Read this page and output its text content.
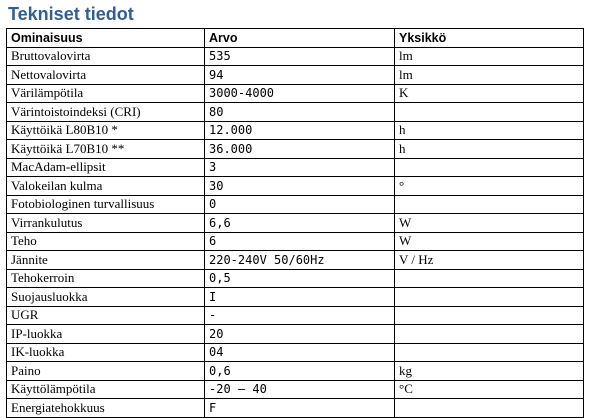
Tekniset tiedot
Ominaisuus	Arvo	Yksikkö
Bruttovalovirta	535	lm
Nettovalovirta	94	lm
Värilämpötila	3000-4000	K
Värintoistoindeksi (CRI)	80	
Käyttöikä L80B10 *	12.000	h
Käyttöikä L70B10 **	36.000	h
MacAdam-ellipsit	3	
Valokeilan kulma	30	°
Fotobiologinen turvallisuus	0	
Virrankulutus	6,6	W
Teho	6	W
Jännite	220-240V 50/60Hz	V / Hz
Tehokerroin	0,5	
Suojausluokka	I	
UGR	-	
IP-luokka	20	
IK-luokka	04	
Paino	0,6	kg
Käyttölämpötila	-20 – 40	°C
Energiatehokkuus	F	
